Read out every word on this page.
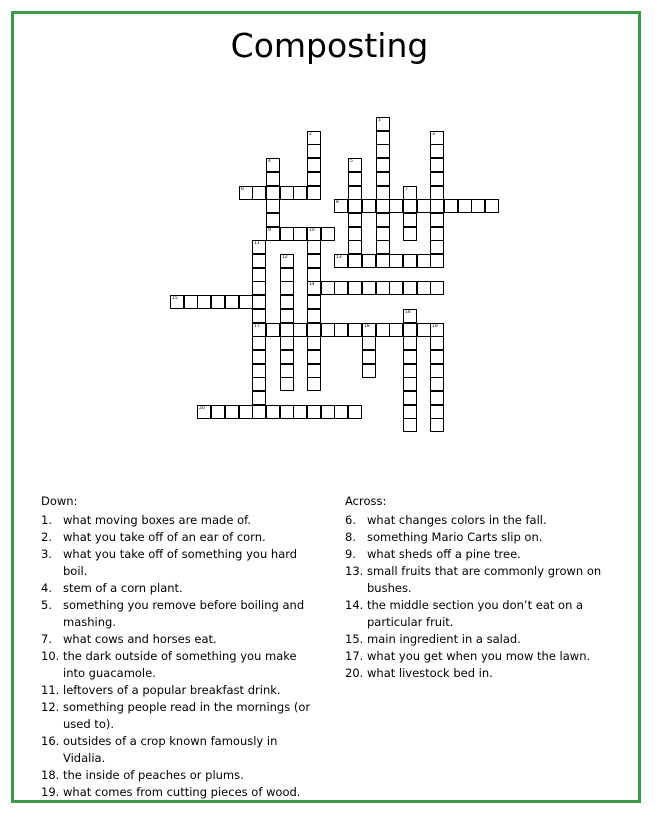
Composting
1
2	3
4
9
5
7
10
14
11
17
12
16
18	19
6
8
13
15
20
Down:
1. what moving boxes are made of.
2. what you take off of an ear of corn.
3. what you take off of something you hard boil.
4. stem of a corn plant.
5. something you remove before boiling and mashing.
7. what cows and horses eat.
10. the dark outside of something you make into guacamole.
11. leftovers of a popular breakfast drink.
12. something people read in the mornings (or used to).
16. outsides of a crop known famously in Vidalia.
18. the inside of peaches or plums.
19. what comes from cutting pieces of wood.
Across:
6. what changes colors in the fall.
8. something Mario Carts slip on.
9. what sheds off a pine tree.
13. small fruits that are commonly grown on bushes.
14. the middle section you don’t eat on a particular fruit.
15. main ingredient in a salad.
17. what you get when you mow the lawn.
20. what livestock bed in.
